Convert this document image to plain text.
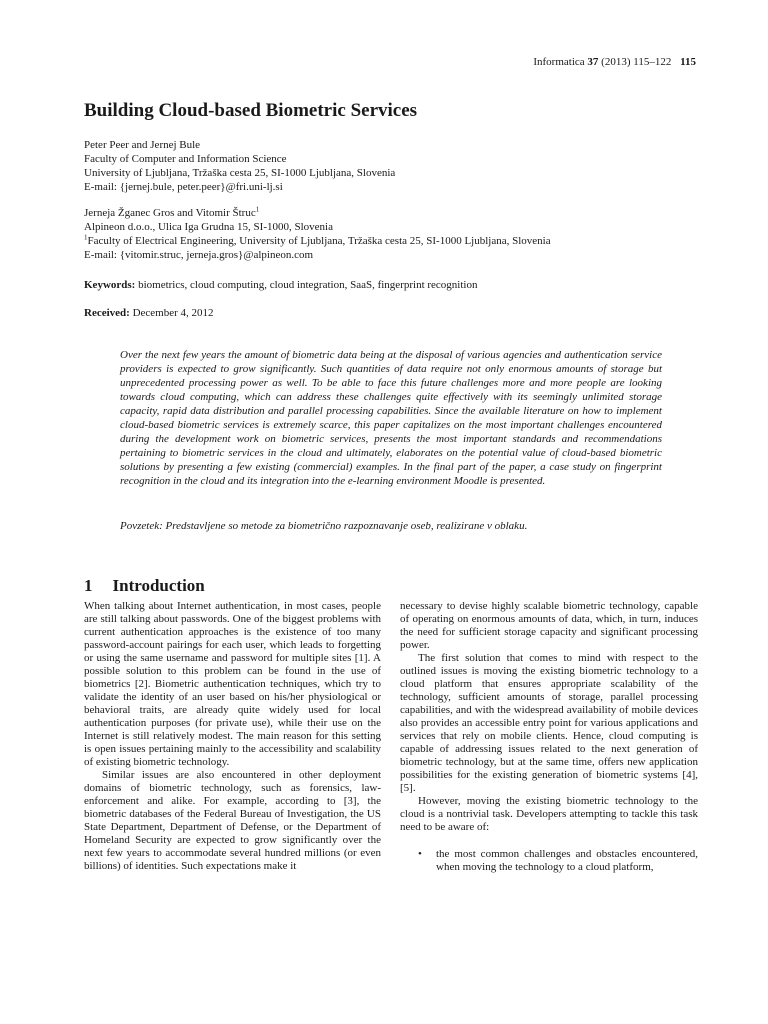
Informatica 37 (2013) 115–122 115
Building Cloud-based Biometric Services
Peter Peer and Jernej Bule
Faculty of Computer and Information Science
University of Ljubljana, Tržaška cesta 25, SI-1000 Ljubljana, Slovenia
E-mail: {jernej.bule, peter.peer}@fri.uni-lj.si
Jerneja Žganec Gros and Vitomir Štruc$^1$
Alpineon d.o.o., Ulica Iga Grudna 15, SI-1000, Slovenia
$^1$Faculty of Electrical Engineering, University of Ljubljana, Tržaška cesta 25, SI-1000 Ljubljana, Slovenia
E-mail: {vitomir.struc, jerneja.gros}@alpineon.com
Keywords: biometrics, cloud computing, cloud integration, SaaS, fingerprint recognition
Received: December 4, 2012

Over the next few years the amount of biometric data being at the disposal of various agencies and authentication service providers is expected to grow significantly. Such quantities of data require not only enormous amounts of storage but unprecedented processing power as well. To be able to face this future challenges more and more people are looking towards cloud computing, which can address these challenges quite effectively with its seemingly unlimited storage capacity, rapid data distribution and parallel processing capabilities. Since the available literature on how to implement cloud-based biometric services is extremely scarce, this paper capitalizes on the most important challenges encountered during the development work on biometric services, presents the most important standards and recommendations pertaining to biometric services in the cloud and ultimately, elaborates on the potential value of cloud-based biometric solutions by presenting a few existing (commercial) examples. In the final part of the paper, a case study on fingerprint recognition in the cloud and its integration into the e-learning environment Moodle is presented.

Povzetek: Predstavljene so metode za biometrično razpoznavanje oseb, realizirane v oblaku.
1 Introduction

When talking about Internet authentication, in most cases, people are still talking about passwords. One of the biggest problems with current authentication approaches is the existence of too many password-account pairings for each user, which leads to forgetting or using the same username and password for multiple sites [1]. A possible solution to this problem can be found in the use of biometrics [2]. Biometric authentication techniques, which try to validate the identity of an user based on his/her physiological or behavioral traits, are already quite widely used for local authentication purposes (for private use), while their use on the Internet is still relatively modest. The main reason for this setting is open issues pertaining mainly to the accessibility and scalability of existing biometric technology.

Similar issues are also encountered in other deployment domains of biometric technology, such as forensics, law-enforcement and alike. For example, according to [3], the biometric databases of the Federal Bureau of Investigation, the US State Department, Department of Defense, or the Department of Homeland Security are expected to grow significantly over the next few years to accommodate several hundred millions (or even billions) of identities. Such expectations make it

necessary to devise highly scalable biometric technology, capable of operating on enormous amounts of data, which, in turn, induces the need for sufficient storage capacity and significant processing power.

The first solution that comes to mind with respect to the outlined issues is moving the existing biometric technology to a cloud platform that ensures appropriate scalability of the technology, sufficient amounts of storage, parallel processing capabilities, and with the widespread availability of mobile devices also provides an accessible entry point for various applications and services that rely on mobile clients. Hence, cloud computing is capable of addressing issues related to the next generation of biometric technology, but at the same time, offers new application possibilities for the existing generation of biometric systems [4], [5].

However, moving the existing biometric technology to the cloud is a nontrivial task. Developers attempting to tackle this task need to be aware of:

• the most common challenges and obstacles encountered, when moving the technology to a cloud platform,
